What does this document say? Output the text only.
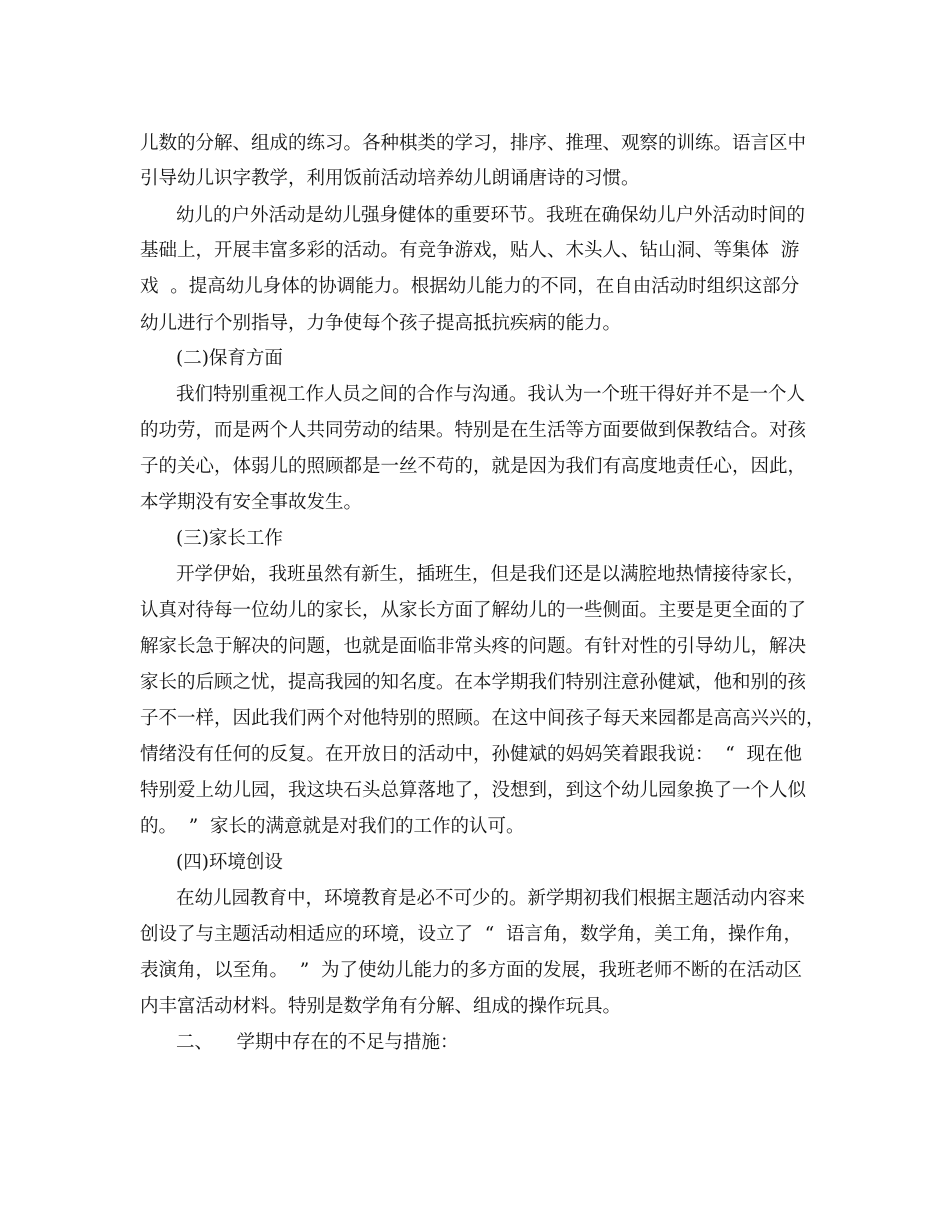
儿数的分解、组成的练习。各种棋类的学习，排序、推理、观察的训练。语言区中
引导幼儿识字教学，利用饭前活动培养幼儿朗诵唐诗的习惯。
幼儿的户外活动是幼儿强身健体的重要环节。我班在确保幼儿户外活动时间的
基础上，开展丰富多彩的活动。有竞争游戏，贴人、木头人、钻山洞、等集体  游
戏  。提高幼儿身体的协调能力。根据幼儿能力的不同，在自由活动时组织这部分
幼儿进行个别指导，力争使每个孩子提高抵抗疾病的能力。
(二)保育方面
我们特别重视工作人员之间的合作与沟通。我认为一个班干得好并不是一个人
的功劳，而是两个人共同劳动的结果。特别是在生活等方面要做到保教结合。对孩
子的关心，体弱儿的照顾都是一丝不苟的，就是因为我们有高度地责任心，因此，
本学期没有安全事故发生。
(三)家长工作
开学伊始，我班虽然有新生，插班生，但是我们还是以满腔地热情接待家长，
认真对待每一位幼儿的家长，从家长方面了解幼儿的一些侧面。主要是更全面的了
解家长急于解决的问题，也就是面临非常头疼的问题。有针对性的引导幼儿，解决
家长的后顾之忧，提高我园的知名度。在本学期我们特别注意孙健斌，他和别的孩
子不一样，因此我们两个对他特别的照顾。在这中间孩子每天来园都是高高兴兴的，
情绪没有任何的反复。在开放日的活动中，孙健斌的妈妈笑着跟我说：  “  现在他
特别爱上幼儿园，我这块石头总算落地了，没想到，到这个幼儿园象换了一个人似
的。  ”  家长的满意就是对我们的工作的认可。
(四)环境创设
在幼儿园教育中，环境教育是必不可少的。新学期初我们根据主题活动内容来
创设了与主题活动相适应的环境，设立了  “  语言角，数学角，美工角，操作角，
表演角，以至角。  ”  为了使幼儿能力的多方面的发展，我班老师不断的在活动区
内丰富活动材料。特别是数学角有分解、组成的操作玩具。
二、    学期中存在的不足与措施：
